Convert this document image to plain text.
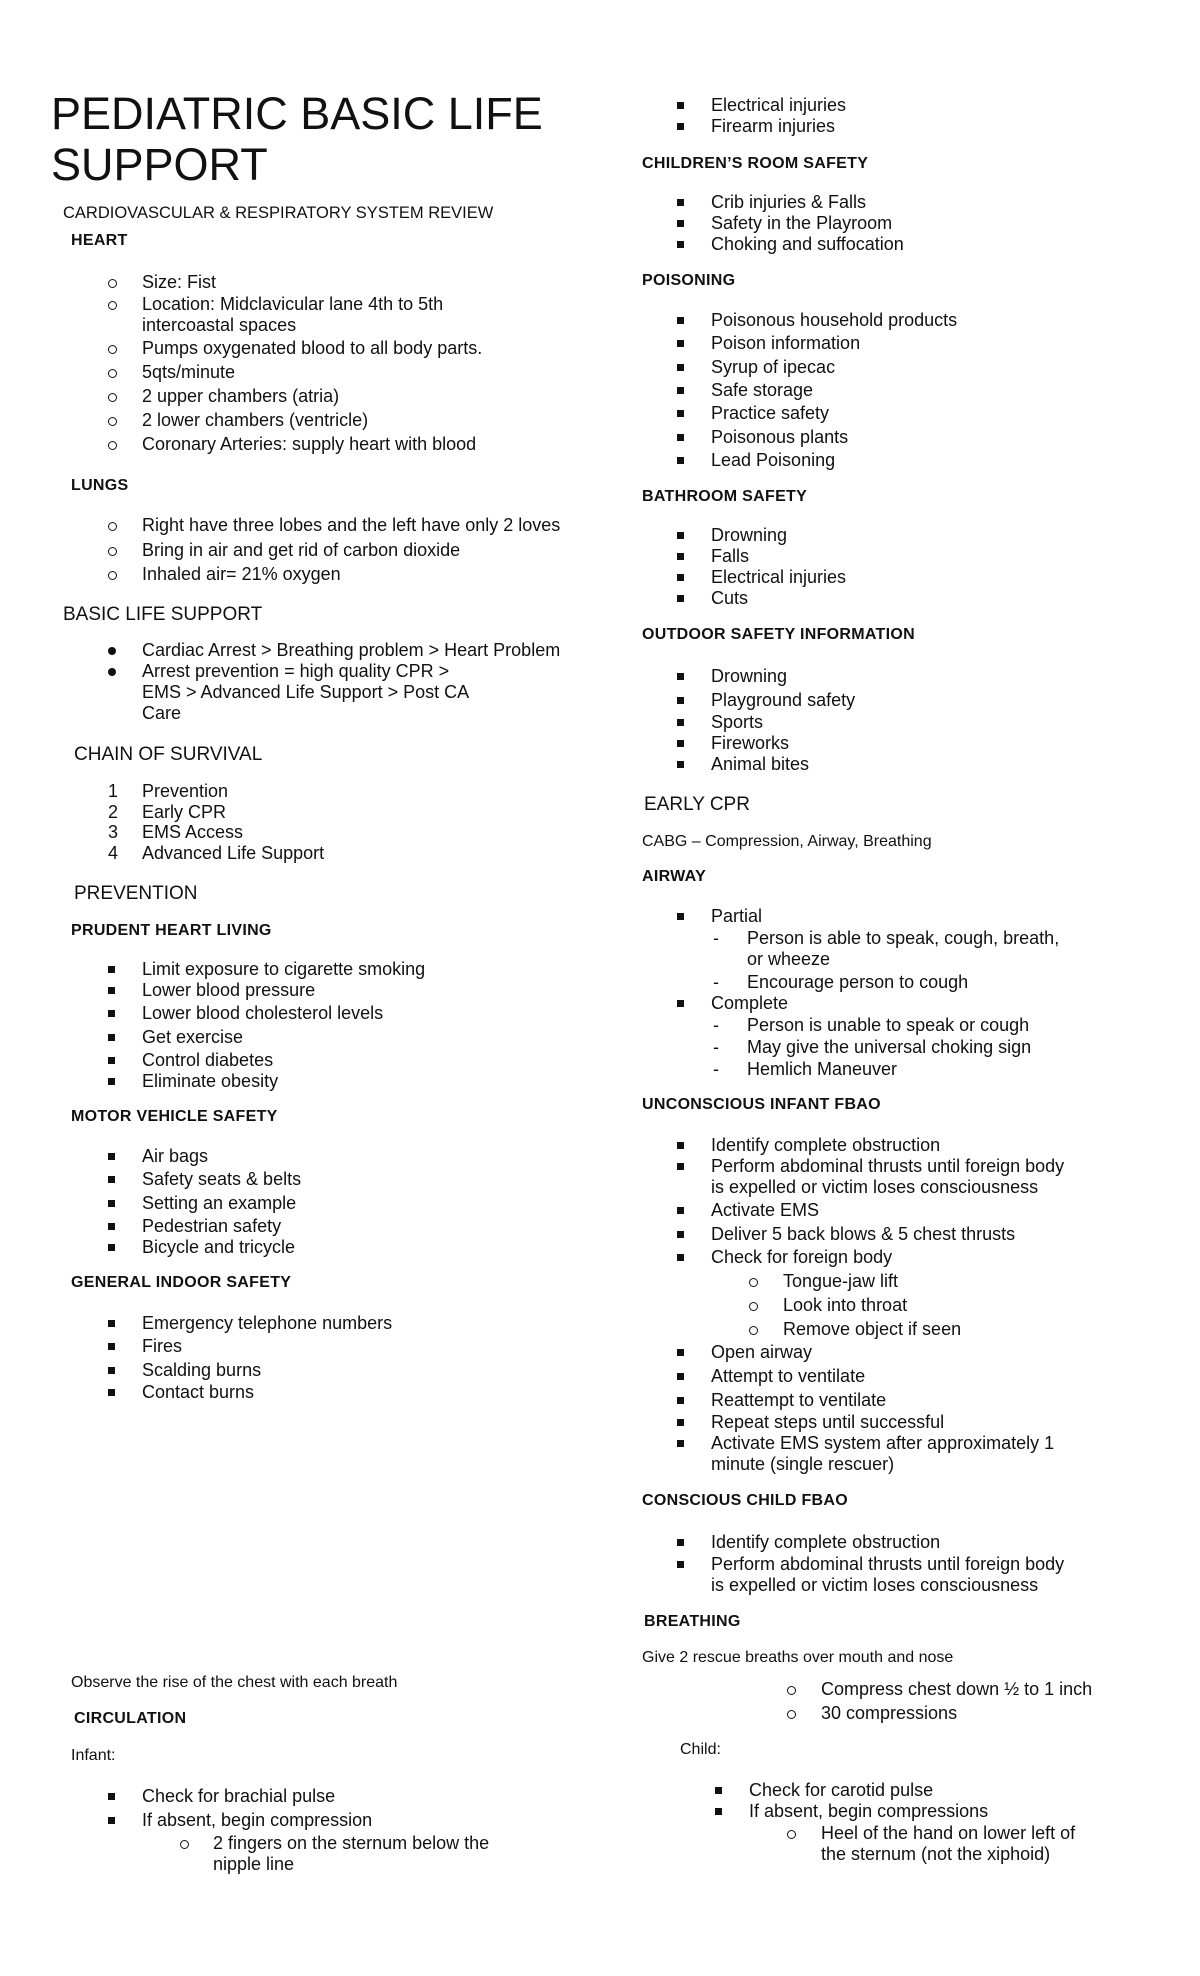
PEDIATRIC BASIC LIFE
SUPPORT
CARDIOVASCULAR & RESPIRATORY SYSTEM REVIEW
HEART
Size: Fist
Location: Midclavicular lane 4th to 5th
intercoastal spaces
Pumps oxygenated blood to all body parts.
5qts/minute
2 upper chambers (atria)
2 lower chambers (ventricle)
Coronary Arteries: supply heart with blood
LUNGS
Right have three lobes and the left have only 2 loves
Bring in air and get rid of carbon dioxide
Inhaled air= 21% oxygen
BASIC LIFE SUPPORT
Cardiac Arrest > Breathing problem > Heart Problem
Arrest prevention = high quality CPR >
EMS > Advanced Life Support > Post CA
Care
CHAIN OF SURVIVAL
1 Prevention
2 Early CPR
3 EMS Access
4 Advanced Life Support
PREVENTION
PRUDENT HEART LIVING
Limit exposure to cigarette smoking
Lower blood pressure
Lower blood cholesterol levels
Get exercise
Control diabetes
Eliminate obesity
MOTOR VEHICLE SAFETY
Air bags
Safety seats & belts
Setting an example
Pedestrian safety
Bicycle and tricycle
GENERAL INDOOR SAFETY
Emergency telephone numbers
Fires
Scalding burns
Contact burns
Observe the rise of the chest with each breath
CIRCULATION
Infant:
Check for brachial pulse
If absent, begin compression
2 fingers on the sternum below the
nipple line
Electrical injuries
Firearm injuries
CHILDREN’S ROOM SAFETY
Crib injuries & Falls
Safety in the Playroom
Choking and suffocation
POISONING
Poisonous household products
Poison information
Syrup of ipecac
Safe storage
Practice safety
Poisonous plants
Lead Poisoning
BATHROOM SAFETY
Drowning
Falls
Electrical injuries
Cuts
OUTDOOR SAFETY INFORMATION
Drowning
Playground safety
Sports
Fireworks
Animal bites
EARLY CPR
CABG – Compression, Airway, Breathing
AIRWAY
Partial
- Person is able to speak, cough, breath,
or wheeze
- Encourage person to cough
Complete
- Person is unable to speak or cough
- May give the universal choking sign
- Hemlich Maneuver
UNCONSCIOUS INFANT FBAO
Identify complete obstruction
Perform abdominal thrusts until foreign body
is expelled or victim loses consciousness
Activate EMS
Deliver 5 back blows & 5 chest thrusts
Check for foreign body
Tongue-jaw lift
Look into throat
Remove object if seen
Open airway
Attempt to ventilate
Reattempt to ventilate
Repeat steps until successful
Activate EMS system after approximately 1
minute (single rescuer)
CONSCIOUS CHILD FBAO
Identify complete obstruction
Perform abdominal thrusts until foreign body
is expelled or victim loses consciousness
BREATHING
Give 2 rescue breaths over mouth and nose
Compress chest down ½ to 1 inch
30 compressions
Child:
Check for carotid pulse
If absent, begin compressions
Heel of the hand on lower left of
the sternum (not the xiphoid)
